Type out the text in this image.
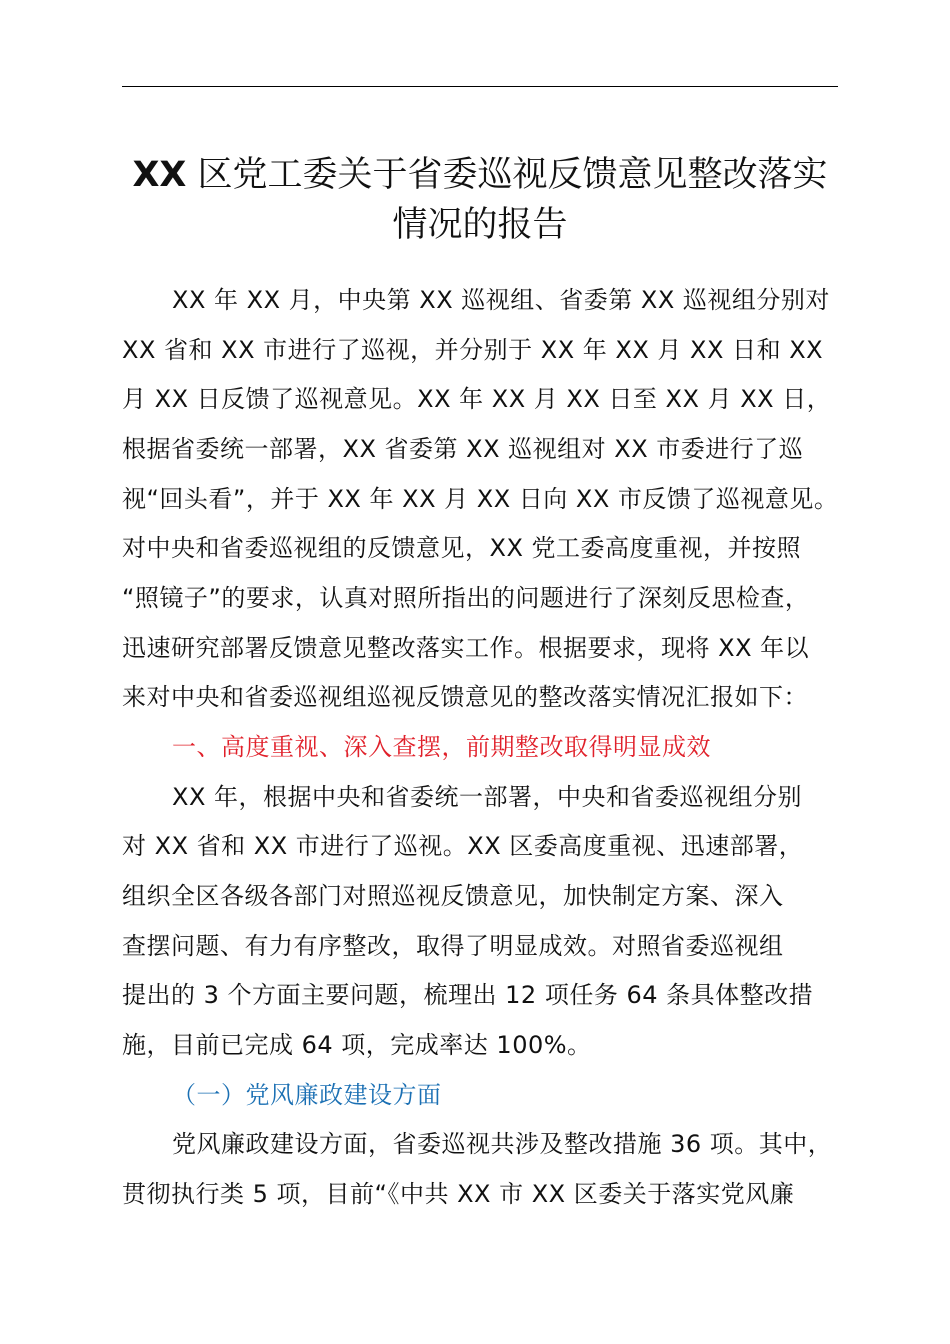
XX 区党工委关于省委巡视反馈意见整改落实
情况的报告
XX 年 XX 月，中央第 XX 巡视组、省委第 XX 巡视组分别对
XX 省和 XX 市进行了巡视，并分别于 XX 年 XX 月 XX 日和 XX
月 XX 日反馈了巡视意见。XX 年 XX 月 XX 日至 XX 月 XX 日，
根据省委统一部署，XX 省委第 XX 巡视组对 XX 市委进行了巡
视“回头看”，并于 XX 年 XX 月 XX 日向 XX 市反馈了巡视意见。
对中央和省委巡视组的反馈意见，XX 党工委高度重视，并按照
“照镜子”的要求，认真对照所指出的问题进行了深刻反思检查，
迅速研究部署反馈意见整改落实工作。根据要求，现将 XX 年以
来对中央和省委巡视组巡视反馈意见的整改落实情况汇报如下：
一、高度重视、深入查摆，前期整改取得明显成效
XX 年，根据中央和省委统一部署，中央和省委巡视组分别
对 XX 省和 XX 市进行了巡视。XX 区委高度重视、迅速部署，
组织全区各级各部门对照巡视反馈意见，加快制定方案、深入
查摆问题、有力有序整改，取得了明显成效。对照省委巡视组
提出的 3 个方面主要问题，梳理出 12 项任务 64 条具体整改措
施，目前已完成 64 项，完成率达 100%。
（一）党风廉政建设方面
党风廉政建设方面，省委巡视共涉及整改措施 36 项。其中，
贯彻执行类 5 项，目前“《中共 XX 市 XX 区委关于落实党风廉
